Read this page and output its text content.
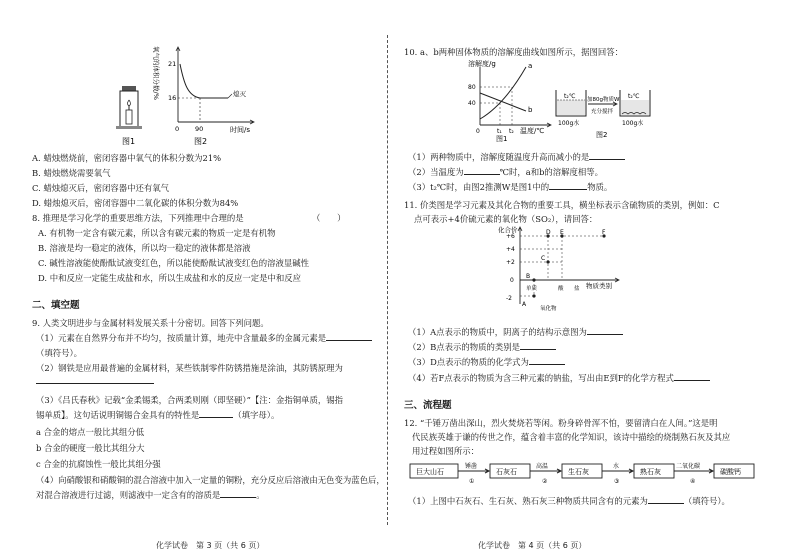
图1
氧气的体积分数/% 21
16	熄灭
0 90	时间/s
图2
A. 蜡烛燃烧前，密闭容器中氧气的体积分数为21%
B. 蜡烛燃烧需要氧气
C. 蜡烛熄灭后，密闭容器中还有氧气
D. 蜡烛熄灭后，密闭容器中二氧化碳的体积分数为84%
8. 推理是学习化学的重要思维方法，下列推理中合理的是	（　　）
A. 有机物一定含有碳元素，所以含有碳元素的物质一定是有机物
B. 溶液是均一稳定的液体，所以均一稳定的液体都是溶液
C. 碱性溶液能使酚酞试液变红色，所以能使酚酞试液变红色的溶液显碱性
D. 中和反应一定能生成盐和水，所以生成盐和水的反应一定是中和反应
二、填空题
9. 人类文明进步与金属材料发展关系十分密切。回答下列问题。
（1）元素在自然界分布并不均匀，按质量计算，地壳中含量最多的金属元素是
（填符号）。
（2）钢铁是应用最普遍的金属材料，某些铁制零件防锈措施是涂油，其防锈原理为
（3）《吕氏春秋》记载“金柔锡柔，合两柔则刚（即坚硬）”【注：金指铜单质，锡指
锡单质】。这句话说明铜锡合金具有的特性是	（填字母）。
a 合金的熔点一般比其组分低
b 合金的硬度一般比其组分大
c 合金的抗腐蚀性一般比其组分强
（4）向硝酸银和硝酸铜的混合溶液中加入一定量的铜粉，充分反应后溶液由无色变为蓝色后，
对混合溶液进行过滤，则滤液中一定含有的溶质是	。
化学试卷　第 3 页（共 6 页）
10. a、b两种固体物质的溶解度曲线如图所示，据图回答：
溶解度/g
80
40
a
b
0	t₁ t₂ 温度/℃
图1
t₂℃
100g水
加80g物质W
充分搅拌
t₂℃
100g水
图2
（1）两种物质中，溶解度随温度升高而减小的是
（2）当温度为	℃时，a和b的溶解度相等。
（3）t₂℃时，由图2推测W是图1中的	物质。
11. 价类图是学习元素及其化合物的重要工具，横坐标表示含硫物质的类别，例如：C
点可表示+4价硫元素的氧化物（SO₂），请回答：
化合价
+6
+4
+2
0
-2
A
B
C
D E	F
单质
氧化物
酸 盐 物质类别
（1）A点表示的物质中，阴离子的结构示意图为
（2）B点表示的物质的类别是
（3）D点表示的物质的化学式为
（4）若F点表示的物质为含三种元素的钠盐，写出由E到F的化学方程式
三、流程题
12. “千锤万凿出深山，烈火焚烧若等闲。粉身碎骨浑不怕，要留清白在人间。”这是明
代民族英雄于谦的传世之作，蕴含着丰富的化学知识，该诗中描绘的烧制熟石灰及其应
用过程如图所示：
巨大山石
锤凿
①
石灰石
高温
②
生石灰
水
③
熟石灰
二氧化碳
④
碳酸钙
（1）上图中石灰石、生石灰、熟石灰三种物质共同含有的元素为	（填符号）。
化学试卷　第 4 页（共 6 页）
